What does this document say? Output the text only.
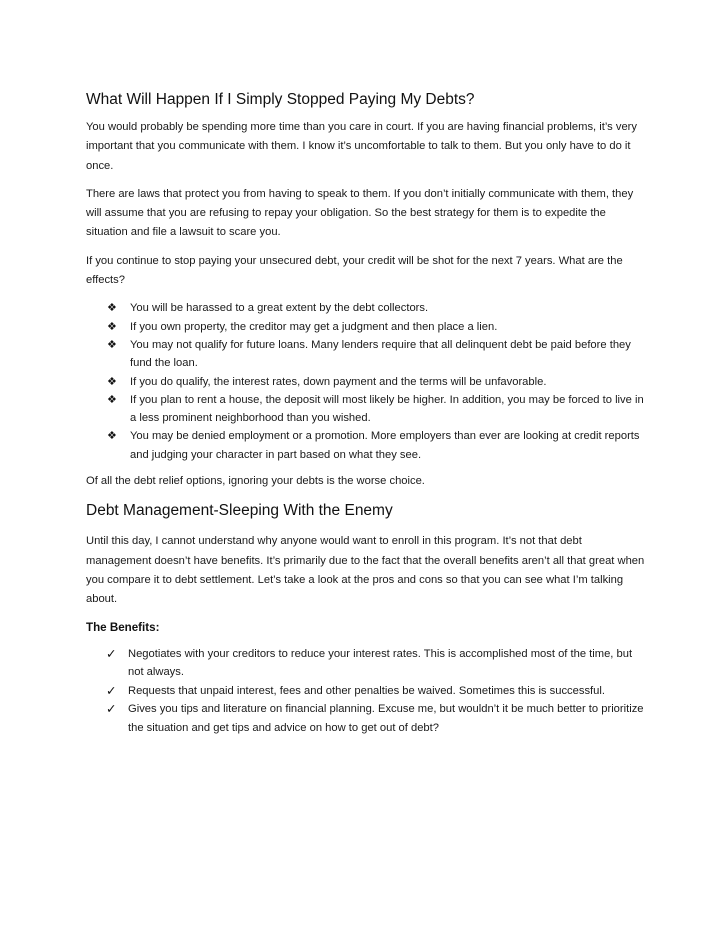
What Will Happen If I Simply Stopped Paying My Debts?

You would probably be spending more time than you care in court. If you are having financial problems, it’s very important that you communicate with them. I know it’s uncomfortable to talk to them. But you only have to do it once.

There are laws that protect you from having to speak to them. If you don’t initially communicate with them, they will assume that you are refusing to repay your obligation. So the best strategy for them is to expedite the situation and file a lawsuit to scare you.

If you continue to stop paying your unsecured debt, your credit will be shot for the next 7 years. What are the effects?

❖ You will be harassed to a great extent by the debt collectors.
❖ If you own property, the creditor may get a judgment and then place a lien.
❖ You may not qualify for future loans. Many lenders require that all delinquent debt be paid before they fund the loan.
❖ If you do qualify, the interest rates, down payment and the terms will be unfavorable.
❖ If you plan to rent a house, the deposit will most likely be higher. In addition, you may be forced to live in a less prominent neighborhood than you wished.
❖ You may be denied employment or a promotion. More employers than ever are looking at credit reports and judging your character in part based on what they see.

Of all the debt relief options, ignoring your debts is the worse choice.

Debt Management-Sleeping With the Enemy

Until this day, I cannot understand why anyone would want to enroll in this program. It’s not that debt management doesn’t have benefits. It’s primarily due to the fact that the overall benefits aren’t all that great when you compare it to debt settlement. Let’s take a look at the pros and cons so that you can see what I’m talking about.

The Benefits:

✓ Negotiates with your creditors to reduce your interest rates. This is accomplished most of the time, but not always.
✓ Requests that unpaid interest, fees and other penalties be waived. Sometimes this is successful.
✓ Gives you tips and literature on financial planning. Excuse me, but wouldn’t it be much better to prioritize the situation and get tips and advice on how to get out of debt?
